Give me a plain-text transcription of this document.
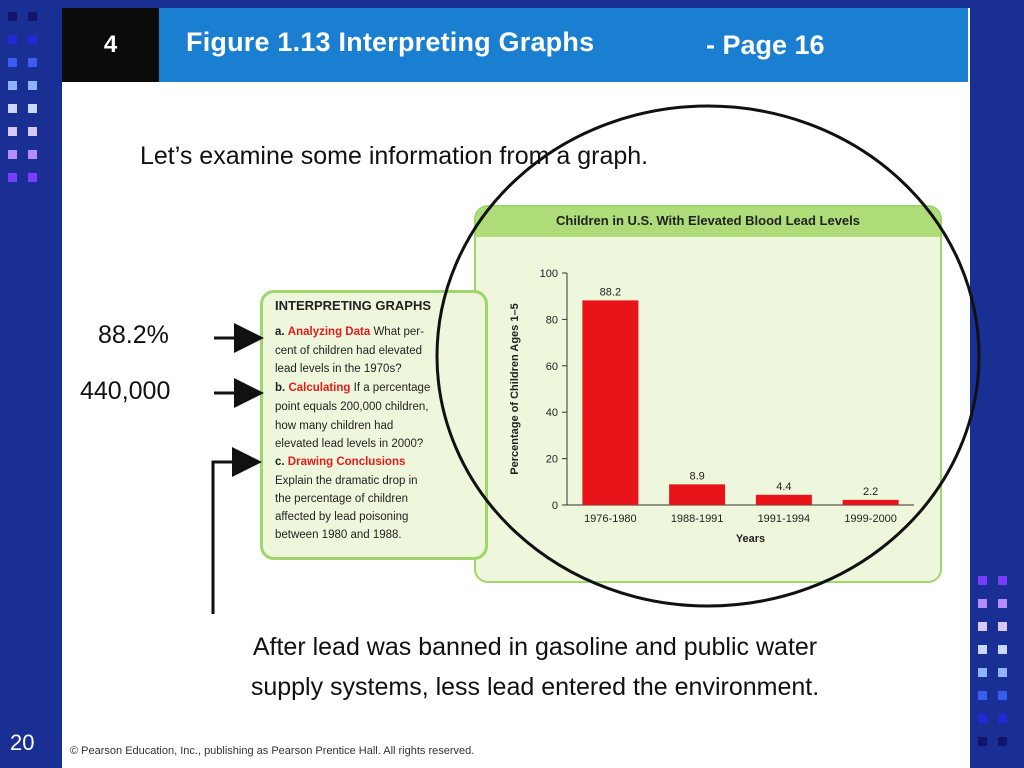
4	Figure 1.13 Interpreting Graphs	- Page 16
Let’s examine some information from a graph.
Children in U.S. With Elevated Blood Lead Levels
0
20
40
60
80
100
Percentage of Children Ages 1–5
88.2
1976-1980
8.9
1988-1991
4.4
1991-1994
2.2
1999-2000
Years
INTERPRETING GRAPHS
a. Analyzing Data What per-
cent of children had elevated
lead levels in the 1970s?
b. Calculating If a percentage
point equals 200,000 children,
how many children had
elevated lead levels in 2000?
c. Drawing Conclusions
Explain the dramatic drop in
the percentage of children
affected by lead poisoning
between 1980 and 1988.
88.2%
440,000
After lead was banned in gasoline and public water
supply systems, less lead entered the environment.
© Pearson Education, Inc., publishing as Pearson Prentice Hall. All rights reserved.
20
